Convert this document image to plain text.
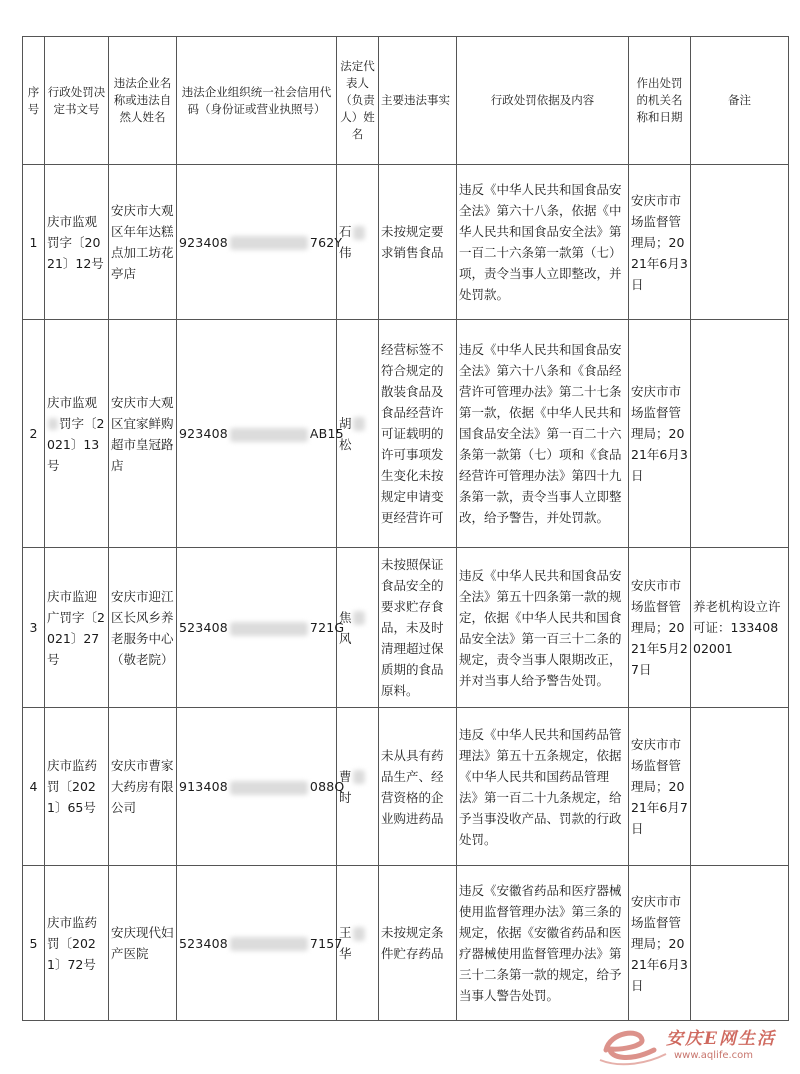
序号	行政处罚决定书文号	违法企业名称或违法自然人姓名	违法企业组织统一社会信用代码（身份证或营业执照号）	法定代表人（负责人）姓名	主要违法事实	行政处罚依据及内容	作出处罚的机关名称和日期	备注
1	庆市监观罚字〔2021〕12号	安庆市大观区年年达糕点加工坊花亭店	923408 762Y	石伟	未按规定要求销售食品	违反《中华人民共和国食品安全法》第六十八条，依据《中华人民共和国食品安全法》第一百二十六条第一款第（七）项，责令当事人立即整改，并处罚款。	安庆市市场监督管理局；2021年6月3日	
2	庆市监观罚字〔2021〕13号	安庆市大观区宜家鲜购超市皇冠路店	923408 AB15	胡松	经营标签不符合规定的散装食品及食品经营许可证载明的许可事项发生变化未按规定申请变更经营许可	违反《中华人民共和国食品安全法》第六十八条和《食品经营许可管理办法》第二十七条第一款，依据《中华人民共和国食品安全法》第一百二十六条第一款第（七）项和《食品经营许可管理办法》第四十九条第一款，责令当事人立即整改，给予警告，并处罚款。	安庆市市场监督管理局；2021年6月3日	
3	庆市监迎广罚字〔2021〕27号	安庆市迎江区长风乡养老服务中心（敬老院）	523408 721G	焦风	未按照保证食品安全的要求贮存食品，未及时清理超过保质期的食品原料。	违反《中华人民共和国食品安全法》第五十四条第一款的规定，依据《中华人民共和国食品安全法》第一百三十二条的规定，责令当事人限期改正，并对当事人给予警告处罚。	安庆市市场监督管理局；2021年5月27日	养老机构设立许可证：13340802001
4	庆市监药罚〔2021〕65号	安庆市曹家大药房有限公司	913408 088Q	曹时	未从具有药品生产、经营资格的企业购进药品	违反《中华人民共和国药品管理法》第五十五条规定，依据《中华人民共和国药品管理法》第一百二十九条规定，给予当事没收产品、罚款的行政处罚。	安庆市市场监督管理局；2021年6月7日	
5	庆市监药罚〔2021〕72号	安庆现代妇产医院	523408 7157	王华	未按规定条件贮存药品	违反《安徽省药品和医疗器械使用监督管理办法》第三条的规定，依据《安徽省药品和医疗器械使用监督管理办法》第三十二条第一款的规定，给予当事人警告处罚。	安庆市市场监督管理局；2021年6月3日	
安庆E网生活
www.aqlife.com
